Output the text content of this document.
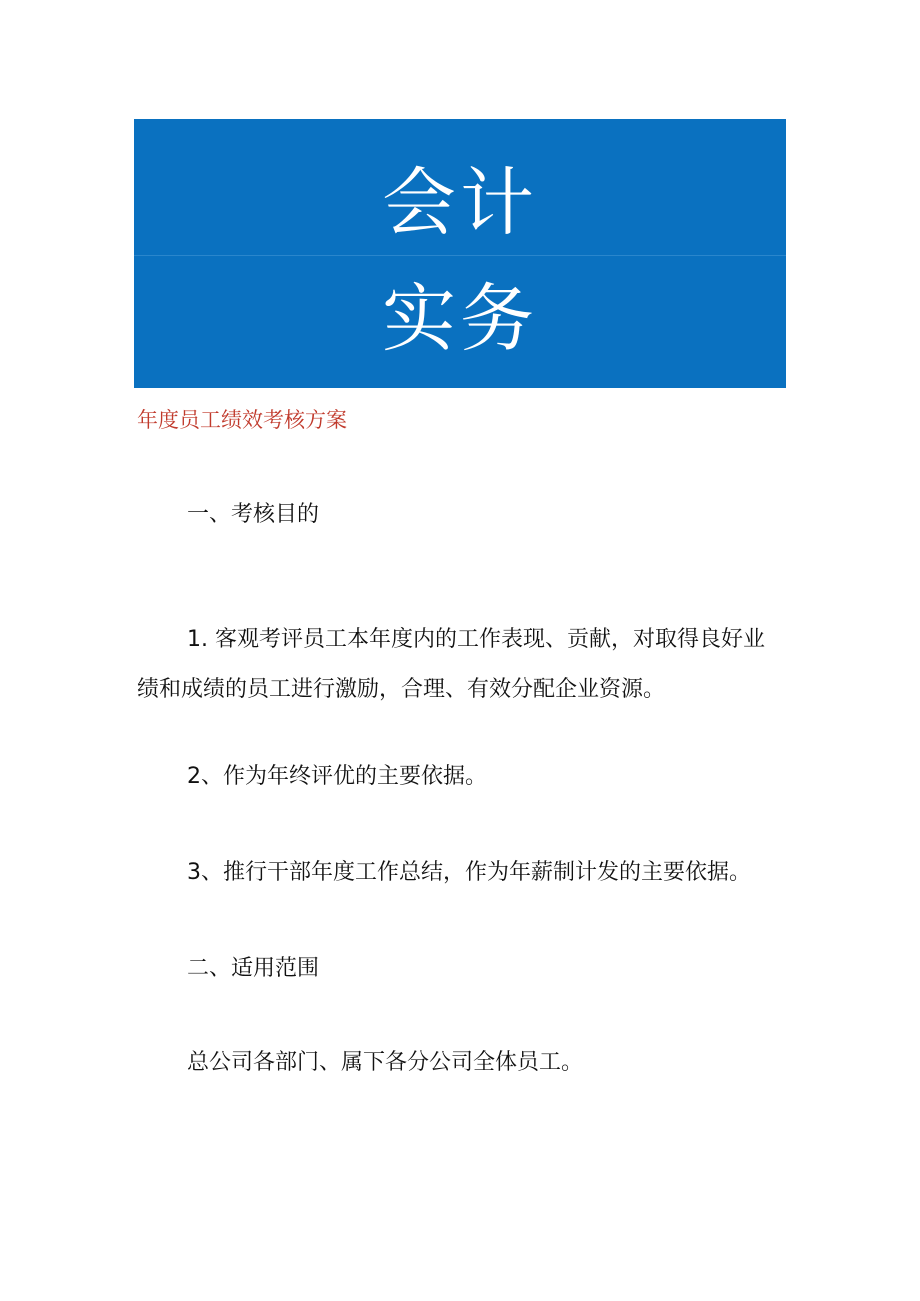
会计
实务
年度员工绩效考核方案
一、考核目的
1. 客观考评员工本年度内的工作表现、贡献，对取得良好业绩和成绩的员工进行激励，合理、有效分配企业资源。
2、作为年终评优的主要依据。
3、推行干部年度工作总结，作为年薪制计发的主要依据。
二、适用范围
总公司各部门、属下各分公司全体员工。
